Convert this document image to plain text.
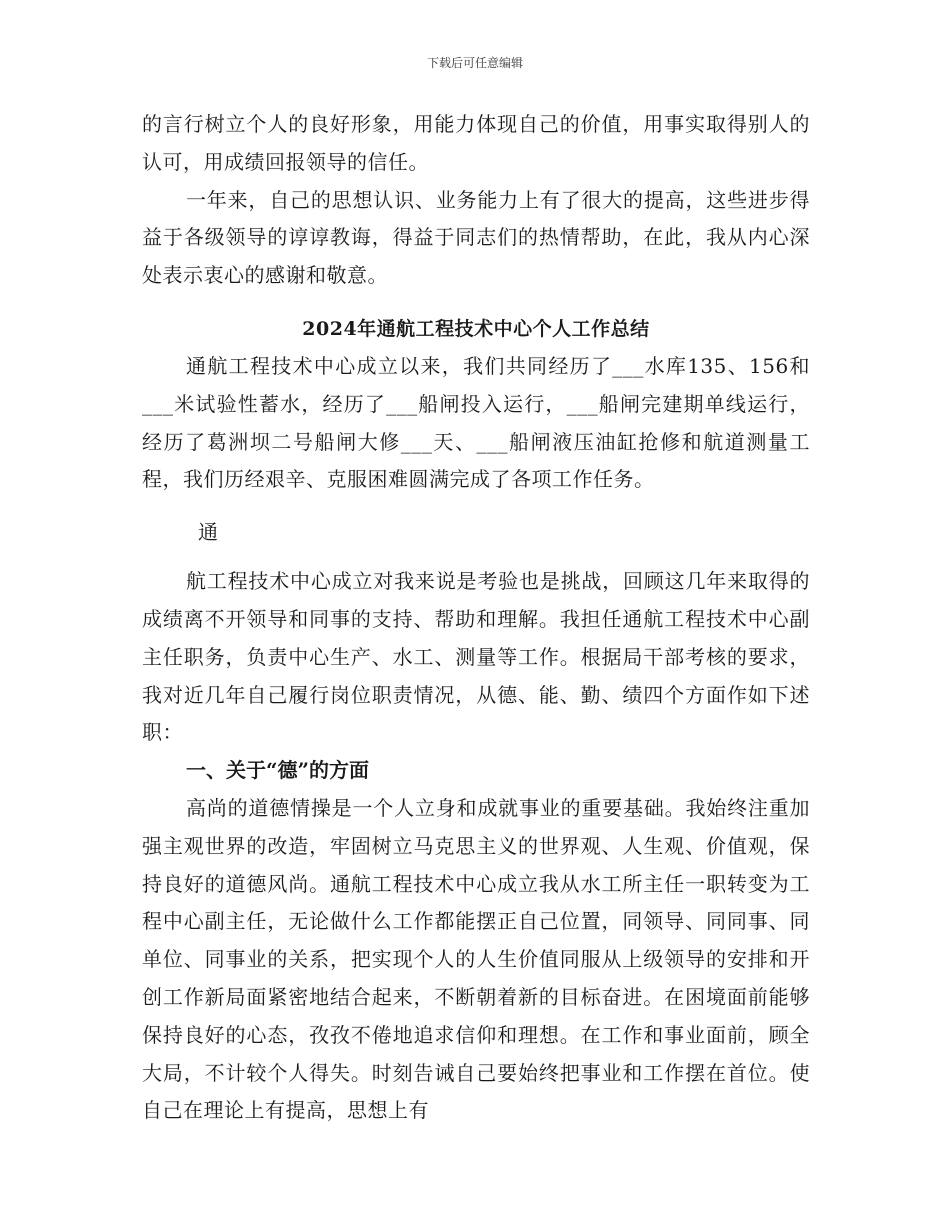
下载后可任意编辑

的言行树立个人的良好形象，用能力体现自己的价值，用事实取得别人的认可，用成绩回报领导的信任。

一年来，自己的思想认识、业务能力上有了很大的提高，这些进步得益于各级领导的谆谆教诲，得益于同志们的热情帮助，在此，我从内心深处表示衷心的感谢和敬意。

2024年通航工程技术中心个人工作总结

通航工程技术中心成立以来，我们共同经历了___水库135、156和___米试验性蓄水，经历了___船闸投入运行，___船闸完建期单线运行，经历了葛洲坝二号船闸大修___天、___船闸液压油缸抢修和航道测量工程，我们历经艰辛、克服困难圆满完成了各项工作任务。

通

航工程技术中心成立对我来说是考验也是挑战，回顾这几年来取得的成绩离不开领导和同事的支持、帮助和理解。我担任通航工程技术中心副主任职务，负责中心生产、水工、测量等工作。根据局干部考核的要求，我对近几年自己履行岗位职责情况，从德、能、勤、绩四个方面作如下述职：

一、关于“德”的方面

高尚的道德情操是一个人立身和成就事业的重要基础。我始终注重加强主观世界的改造，牢固树立马克思主义的世界观、人生观、价值观，保持良好的道德风尚。通航工程技术中心成立我从水工所主任一职转变为工程中心副主任，无论做什么工作都能摆正自己位置，同领导、同同事、同单位、同事业的关系，把实现个人的人生价值同服从上级领导的安排和开创工作新局面紧密地结合起来，不断朝着新的目标奋进。在困境面前能够保持良好的心态，孜孜不倦地追求信仰和理想。在工作和事业面前，顾全大局，不计较个人得失。时刻告诫自己要始终把事业和工作摆在首位。使自己在理论上有提高，思想上有
